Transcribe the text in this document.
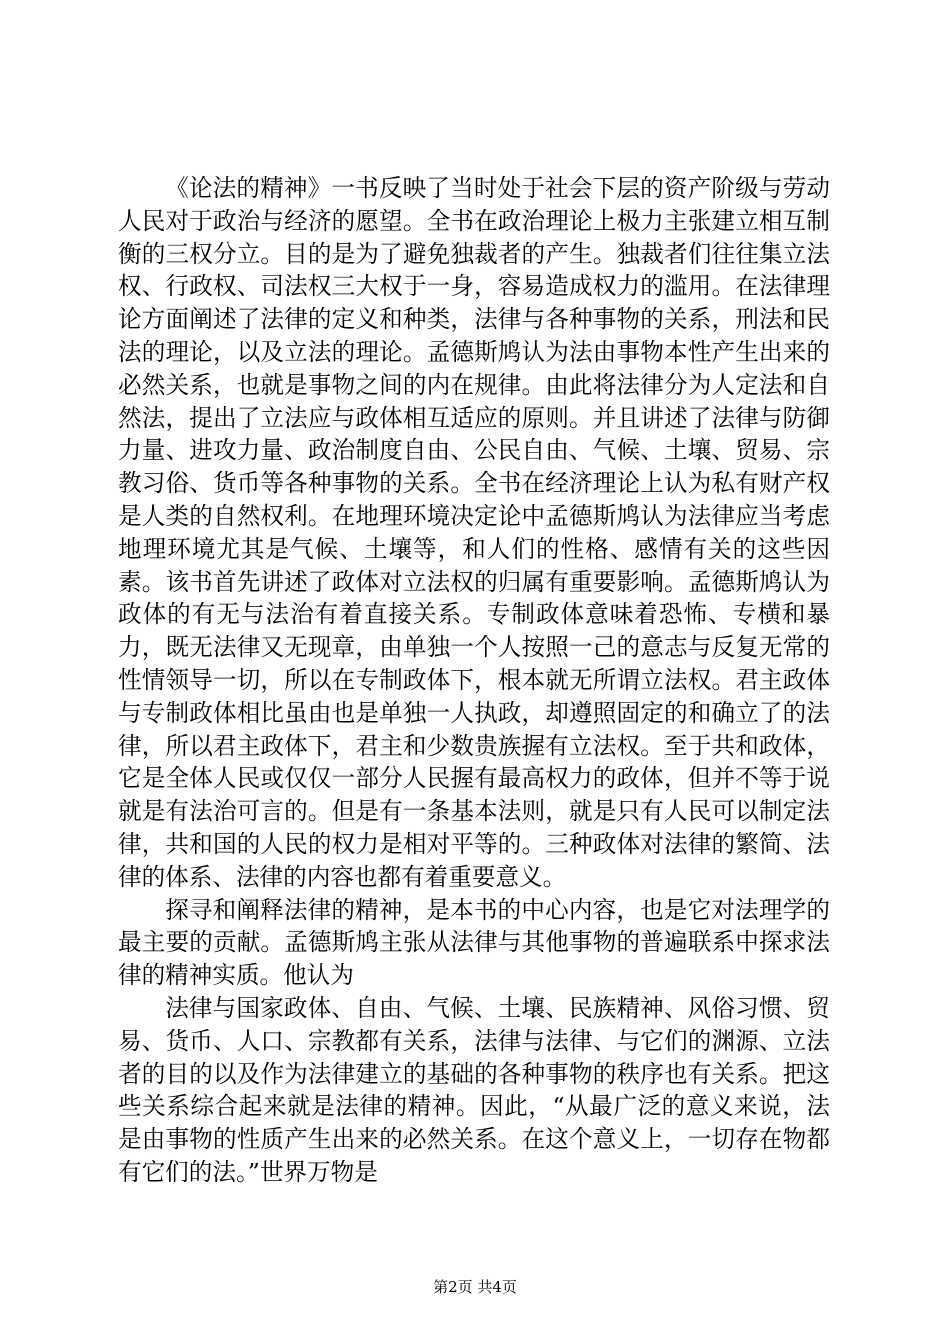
《论法的精神》一书反映了当时处于社会下层的资产阶级与劳动人民对于政治与经济的愿望。全书在政治理论上极力主张建立相互制衡的三权分立。目的是为了避免独裁者的产生。独裁者们往往集立法权、行政权、司法权三大权于一身，容易造成权力的滥用。在法律理论方面阐述了法律的定义和种类，法律与各种事物的关系，刑法和民法的理论，以及立法的理论。孟德斯鸠认为法由事物本性产生出来的必然关系，也就是事物之间的内在规律。由此将法律分为人定法和自然法，提出了立法应与政体相互适应的原则。并且讲述了法律与防御力量、进攻力量、政治制度自由、公民自由、气候、土壤、贸易、宗教习俗、货币等各种事物的关系。全书在经济理论上认为私有财产权是人类的自然权利。在地理环境决定论中孟德斯鸠认为法律应当考虑地理环境尤其是气候、土壤等，和人们的性格、感情有关的这些因素。该书首先讲述了政体对立法权的归属有重要影响。孟德斯鸠认为政体的有无与法治有着直接关系。专制政体意味着恐怖、专横和暴力，既无法律又无现章，由单独一个人按照一己的意志与反复无常的性情领导一切，所以在专制政体下，根本就无所谓立法权。君主政体与专制政体相比虽由也是单独一人执政，却遵照固定的和确立了的法律，所以君主政体下，君主和少数贵族握有立法权。至于共和政体，它是全体人民或仅仅一部分人民握有最高权力的政体，但并不等于说就是有法治可言的。但是有一条基本法则，就是只有人民可以制定法律，共和国的人民的权力是相对平等的。三种政体对法律的繁简、法律的体系、法律的内容也都有着重要意义。

探寻和阐释法律的精神，是本书的中心内容，也是它对法理学的最主要的贡献。孟德斯鸠主张从法律与其他事物的普遍联系中探求法律的精神实质。他认为

法律与国家政体、自由、气候、土壤、民族精神、风俗习惯、贸易、货币、人口、宗教都有关系，法律与法律、与它们的渊源、立法者的目的以及作为法律建立的基础的各种事物的秩序也有关系。把这些关系综合起来就是法律的精神。因此，“从最广泛的意义来说，法是由事物的性质产生出来的必然关系。在这个意义上，一切存在物都有它们的法。”世界万物是

第2页 共4页
